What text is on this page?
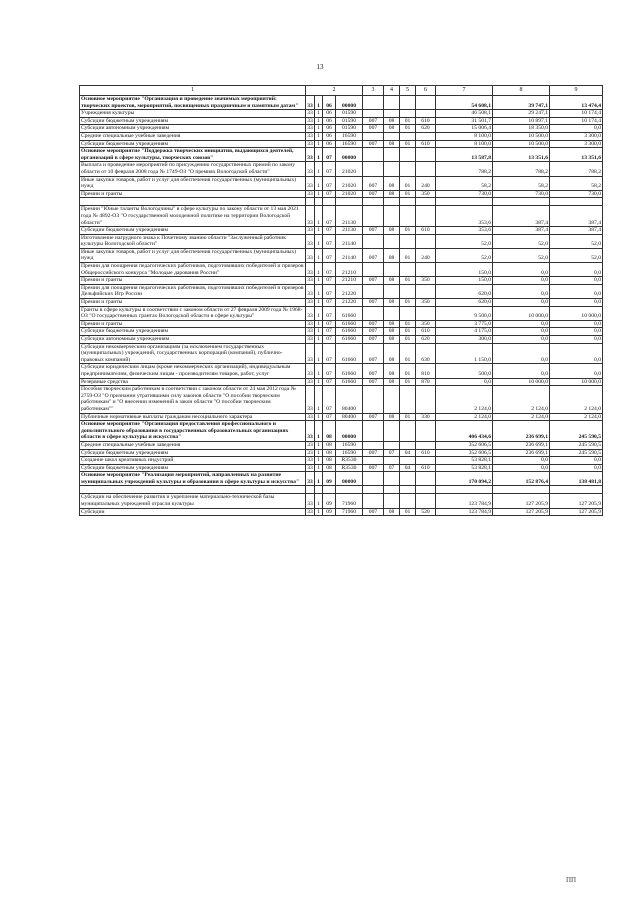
13
1	2				3	4	5	6	7	8	9
Основное мероприятие "Организация и проведение значимых мероприятий: творческих проектов, мероприятий, посвященных праздничным и памятным датам"	33	1	06	00000					54 608,1	39 747,1	13 474,4
Учреждения культуры	33	1	06	01590					46 508,1	29 247,1	10 174,4
Субсидии бюджетным учреждениям	33	1	06	01590	007	08	01	610	31 501,7	10 897,1	10 174,4
Субсидии автономным учреждениям	33	1	06	01590	007	08	01	620	15 006,4	18 350,0	0,0
Средние специальные учебные заведения	33	1	06	16590					8 100,0	10 500,0	3 300,0
Субсидии бюджетным учреждениям	33	1	06	16590	007	08	01	610	8 100,0	10 500,0	3 300,0
Основное мероприятие "Поддержка творческих инициатив, выдающихся деятелей, организаций в сфере культуры, творческих союзов"	33	1	07	00000					13 587,8	13 351,6	13 351,6
Выплата и проведение мероприятий по присуждению государственных премий по закону области от 10 февраля 2008 года № 1749-ОЗ "О премиях Вологодской области"	33	1	07	21020					788,2	788,2	788,2
Иные закупки товаров, работ и услуг для обеспечения государственных (муниципальных) нужд	33	1	07	21020	007	08	01	240	58,2	58,2	58,2
Премии и гранты	33	1	07	21020	007	08	01	350	730,0	730,0	730,0

Премии "Юные таланты Вологодчины" в сфере культуры по закону области от 13 мая 2021 года № 4892-ОЗ "О государственной молодежной политике на территории Вологодской области"	33	1	07	21130					353,6	387,4	387,4
Субсидии бюджетным учреждениям	33	1	07	21130	007	08	01	610	353,6	387,4	387,4
Изготовление нагрудного знака к Почетному званию области "Заслуженный работник культуры Вологодской области"	33	1	07	21140					52,0	52,0	52,0
Иные закупки товаров, работ и услуг для обеспечения государственных (муниципальных) нужд	33	1	07	21140	007	08	01	240	52,0	52,0	52,0
Премии для поощрения педагогических работников, подготовивших победителей и призеров Общероссийского конкурса "Молодые дарования России"	33	1	07	21210					150,0	0,0	0,0
Премии и гранты	33	1	07	21210	007	08	01	350	150,0	0,0	0,0
Премии для поощрения педагогических работников, подготовивших победителей и призеров Дельфийских Игр России	33	1	07	21220					620,0	0,0	0,0
Премии и гранты	33	1	07	21220	007	08	01	350	620,0	0,0	0,0
Гранты в сфере культуры в соответствии с законом области от 27 февраля 2009 года № 1968-ОЗ "О государственных грантах Вологодской области в сфере культуры"	33	1	07	61660					9 500,0	10 000,0	10 000,0
Премии и гранты	33	1	07	61660	007	08	01	350	3 775,0	0,0	0,0
Субсидии бюджетным учреждениям	33	1	07	61660	007	08	01	610	4 175,0	0,0	0,0
Субсидии автономным учреждениям	33	1	07	61660	007	08	01	620	300,0	0,0	0,0
Субсидии некоммерческим организациям (за исключением государственных (муниципальных) учреждений, государственных корпораций (компаний), публично-правовых компаний)	33	1	07	61660	007	08	01	630	1 150,0	0,0	0,0
Субсидии юридическим лицам (кроме некоммерческих организаций), индивидуальным предпринимателям, физическим лицам - производителям товаров, работ, услуг	33	1	07	61660	007	08	01	810	500,0	0,0	0,0
Резервные средства	33	1	07	61660	007	08	01	870	0,0	10 000,0	10 000,0
Пособия творческим работникам в соответствии с законом области от 24 мая 2012 года № 2759-ОЗ "О признании утратившими силу законов области "О пособии творческим работникам" и "О внесении изменений в закон области "О пособии творческим работникам""	33	1	07	80400					2 124,0	2 124,0	2 124,0
Публичные нормативные выплаты гражданам несоциального характера	33	1	07	80400	007	08	01	330	2 124,0	2 124,0	2 124,0
Основное мероприятие "Организация предоставления профессионального и дополнительного образования в государственных образовательных организациях области в сфере культуры и искусства"	33	1	08	00000					406 434,6	236 699,1	245 590,5
Средние специальные учебные заведения	33	1	08	16590					352 606,5	236 699,1	245 590,5
Субсидии бюджетным учреждениям	33	1	08	16590	007	07	04	610	352 606,5	236 699,1	245 590,5
Создание школ креативных индустрий	33	1	08	R3530					53 828,1	0,0	0,0
Субсидии бюджетным учреждениям	33	1	08	R3530	007	07	04	610	53 828,1	0,0	0,0
Основное мероприятие "Реализация мероприятий, направленных на развитие муниципальных учреждений культуры и образования в сфере культуры и искусства"	33	1	09	00000					170 094,2	152 876,4	138 481,8

Субсидии на обеспечение развития и укрепление материально-технической базы муниципальных учреждений отрасли культуры	33	1	09	71960					123 784,9	127 205,9	127 205,9
Субсидии	33	1	09	71960	007	08	01	520	123 784,9	127 205,9	127 205,9
ПП
